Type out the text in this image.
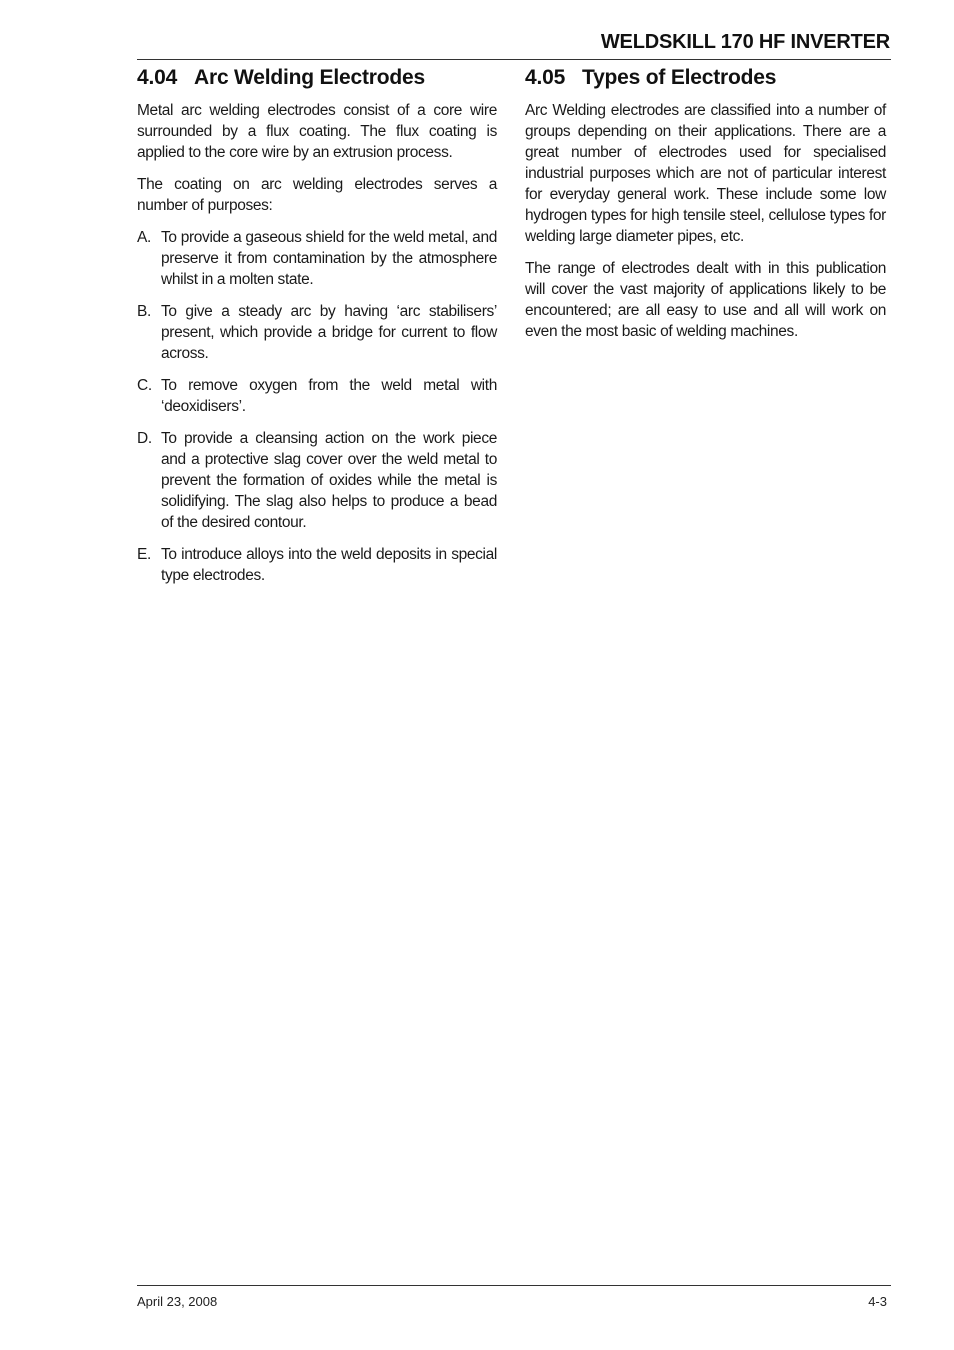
WELDSKILL 170 HF INVERTER
4.04 Arc Welding Electrodes

Metal arc welding electrodes consist of a core wire surrounded by a flux coating. The flux coating is applied to the core wire by an extrusion process.

The coating on arc welding electrodes serves a number of purposes:

A. To provide a gaseous shield for the weld metal, and preserve it from contamination by the atmosphere whilst in a molten state.
B. To give a steady arc by having ‘arc stabilisers’ present, which provide a bridge for current to flow across.
C. To remove oxygen from the weld metal with ‘deoxidisers’.
D. To provide a cleansing action on the work piece and a protective slag cover over the weld metal to prevent the formation of oxides while the metal is solidifying. The slag also helps to produce a bead of the desired contour.
E. To introduce alloys into the weld deposits in special type electrodes.
4.05 Types of Electrodes

Arc Welding electrodes are classified into a number of groups depending on their applications. There are a great number of electrodes used for specialised industrial purposes which are not of particular interest for everyday general work. These include some low hydrogen types for high tensile steel, cellulose types for welding large diameter pipes, etc.

The range of electrodes dealt with in this publication will cover the vast majority of applications likely to be encountered; are all easy to use and all will work on even the most basic of welding machines.

April 23, 2008	4-3
